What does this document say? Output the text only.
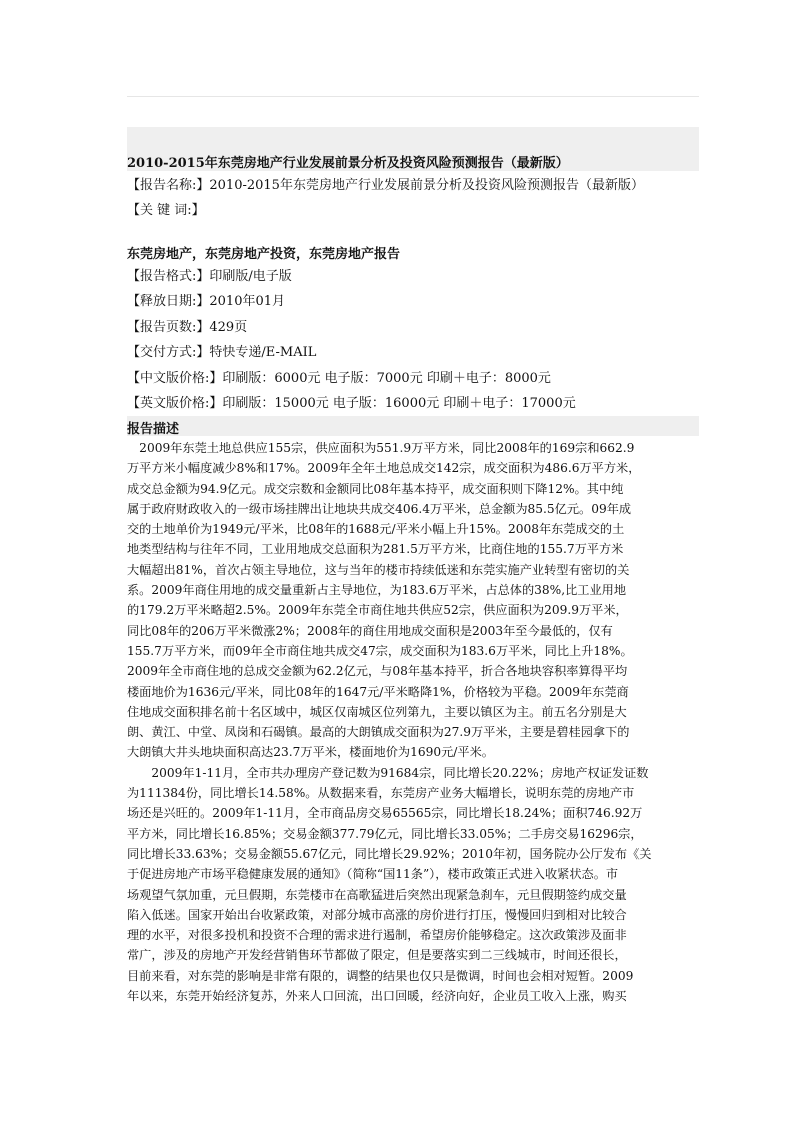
2010-2015年东莞房地产行业发展前景分析及投资风险预测报告（最新版）
【报告名称:】2010-2015年东莞房地产行业发展前景分析及投资风险预测报告（最新版）
【关 键 词:】
东莞房地产，东莞房地产投资，东莞房地产报告
【报告格式:】印刷版/电子版
【释放日期:】2010年01月
【报告页数:】429页
【交付方式:】特快专递/E-MAIL
【中文版价格:】印刷版：6000元 电子版：7000元 印刷＋电子：8000元
【英文版价格:】印刷版：15000元 电子版：16000元 印刷＋电子：17000元
报告描述
　2009年东莞土地总供应155宗，供应面积为551.9万平方米，同比2008年的169宗和662.9
万平方米小幅度减少8%和17%。2009年全年土地总成交142宗，成交面积为486.6万平方米，
成交总金额为94.9亿元。成交宗数和金额同比08年基本持平，成交面积则下降12%。其中纯
属于政府财政收入的一级市场挂牌出让地块共成交406.4万平米，总金额为85.5亿元。09年成
交的土地单价为1949元/平米，比08年的1688元/平米小幅上升15%。2008年东莞成交的土
地类型结构与往年不同，工业用地成交总面积为281.5万平方米，比商住地的155.7万平方米
大幅超出81%，首次占领主导地位，这与当年的楼市持续低迷和东莞实施产业转型有密切的关
系。2009年商住用地的成交量重新占主导地位，为183.6万平米，占总体的38%,比工业用地
的179.2万平米略超2.5%。2009年东莞全市商住地共供应52宗，供应面积为209.9万平米，
同比08年的206万平米微涨2%；2008年的商住用地成交面积是2003年至今最低的，仅有
155.7万平方米，而09年全市商住地共成交47宗，成交面积为183.6万平米，同比上升18%。
2009年全市商住地的总成交金额为62.2亿元，与08年基本持平，折合各地块容积率算得平均
楼面地价为1636元/平米，同比08年的1647元/平米略降1%，价格较为平稳。2009年东莞商
住地成交面积排名前十名区域中，城区仅南城区位列第九，主要以镇区为主。前五名分别是大
朗、黄江、中堂、凤岗和石碣镇。最高的大朗镇成交面积为27.9万平米，主要是碧桂园拿下的
大朗镇大井头地块面积高达23.7万平米，楼面地价为1690元/平米。
　　2009年1-11月，全市共办理房产登记数为91684宗，同比增长20.22%；房地产权证发证数
为111384份，同比增长14.58%。从数据来看，东莞房产业务大幅增长，说明东莞的房地产市
场还是兴旺的。2009年1-11月，全市商品房交易65565宗，同比增长18.24%；面积746.92万
平方米，同比增长16.85%；交易金额377.79亿元，同比增长33.05%；二手房交易16296宗，
同比增长33.63%；交易金额55.67亿元，同比增长29.92%；2010年初，国务院办公厅发布《关
于促进房地产市场平稳健康发展的通知》（简称“国11条”），楼市政策正式进入收紧状态。市
场观望气氛加重，元旦假期，东莞楼市在高歌猛进后突然出现紧急刹车，元旦假期签约成交量
陷入低迷。国家开始出台收紧政策，对部分城市高涨的房价进行打压，慢慢回归到相对比较合
理的水平，对很多投机和投资不合理的需求进行遏制，希望房价能够稳定。这次政策涉及面非
常广，涉及的房地产开发经营销售环节都做了限定，但是要落实到二三线城市，时间还很长，
目前来看，对东莞的影响是非常有限的，调整的结果也仅只是微调，时间也会相对短暂。2009
年以来，东莞开始经济复苏，外来人口回流，出口回暖，经济向好，企业员工收入上涨，购买
